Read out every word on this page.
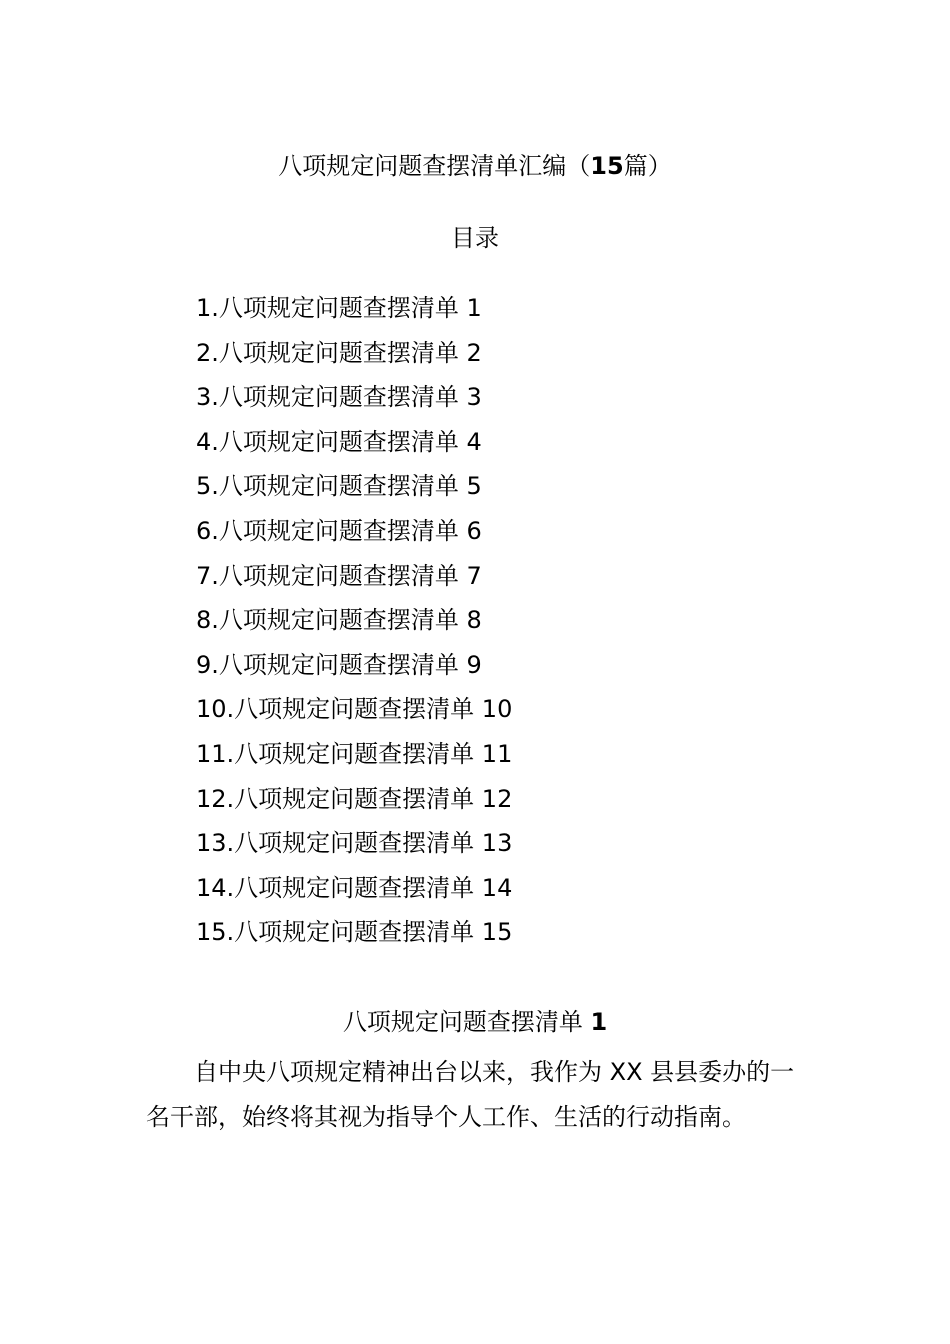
八项规定问题查摆清单汇编（15篇）
目录
1.八项规定问题查摆清单 1
2.八项规定问题查摆清单 2
3.八项规定问题查摆清单 3
4.八项规定问题查摆清单 4
5.八项规定问题查摆清单 5
6.八项规定问题查摆清单 6
7.八项规定问题查摆清单 7
8.八项规定问题查摆清单 8
9.八项规定问题查摆清单 9
10.八项规定问题查摆清单 10
11.八项规定问题查摆清单 11
12.八项规定问题查摆清单 12
13.八项规定问题查摆清单 13
14.八项规定问题查摆清单 14
15.八项规定问题查摆清单 15
八项规定问题查摆清单 1

自中央八项规定精神出台以来，我作为 XX 县县委办的一名干部，始终将其视为指导个人工作、生活的行动指南。
